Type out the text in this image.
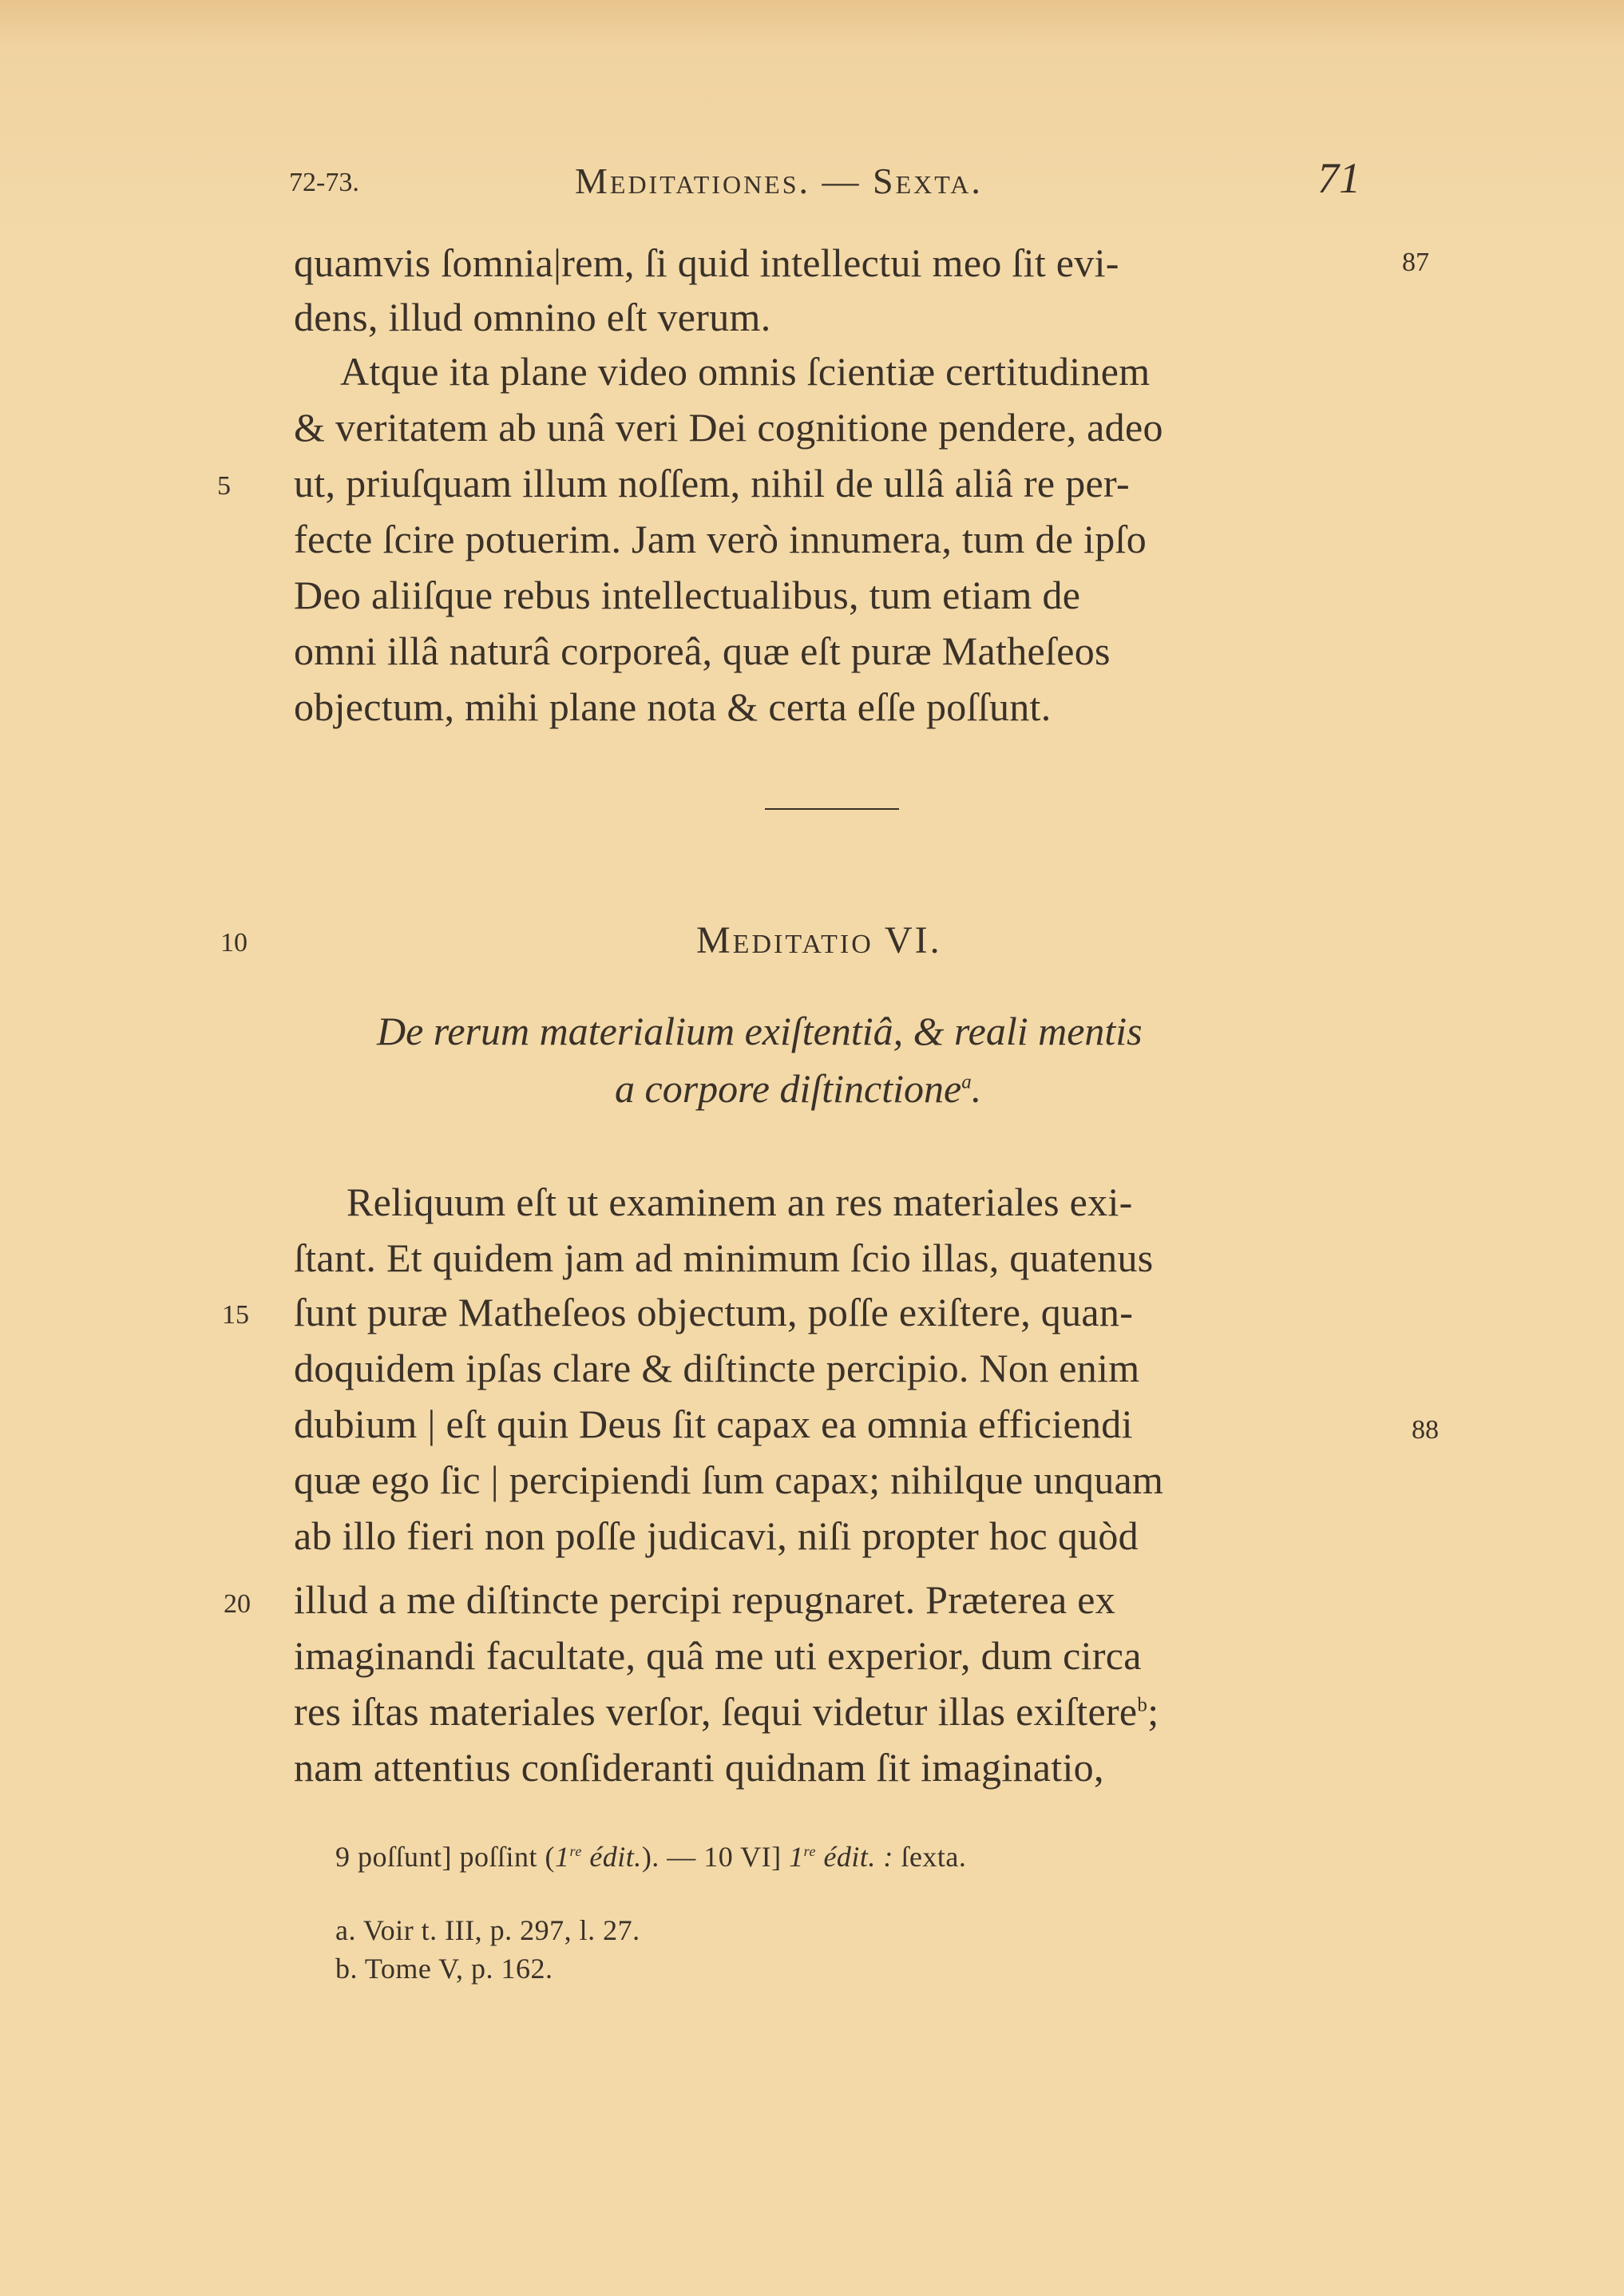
72-73.	Meditationes. — Sexta.	71
quamvis ſomnia|rem, ſi quid intellectui meo ſit evi-	87
dens, illud omnino eſt verum.
Atque ita plane video omnis ſcientiæ certitudinem
& veritatem ab unâ veri Dei cognitione pendere, adeo
5 ut, priuſquam illum noſſem, nihil de ullâ aliâ re per-
fecte ſcire potuerim. Jam verò innumera, tum de ipſo
Deo aliiſque rebus intellectualibus, tum etiam de
omni illâ naturâ corporeâ, quæ eſt puræ Matheſeos
objectum, mihi plane nota & certa eſſe poſſunt.
10	Meditatio VI.
De rerum materialium exiſtentiâ, & reali mentis
a corpore diſtinctione$^a$.
Reliquum eſt ut examinem an res materiales exi-
ſtant. Et quidem jam ad minimum ſcio illas, quatenus
15 ſunt puræ Matheſeos objectum, poſſe exiſtere, quan-
doquidem ipſas clare & diſtincte percipio. Non enim
dubium | eſt quin Deus ſit capax ea omnia efficiendi	88
quæ ego ſic | percipiendi ſum capax; nihilque unquam
ab illo fieri non poſſe judicavi, niſi propter hoc quòd
20 illud a me diſtincte percipi repugnaret. Præterea ex
imaginandi facultate, quâ me uti experior, dum circa
res iſtas materiales verſor, ſequi videtur illas exiſtere$^b$;
nam attentius conſideranti quidnam ſit imaginatio,
9 poſſunt] poſſint (1re édit.). — 10 VI] 1re édit. : ſexta.
a. Voir t. III, p. 297, l. 27.
b. Tome V, p. 162.
